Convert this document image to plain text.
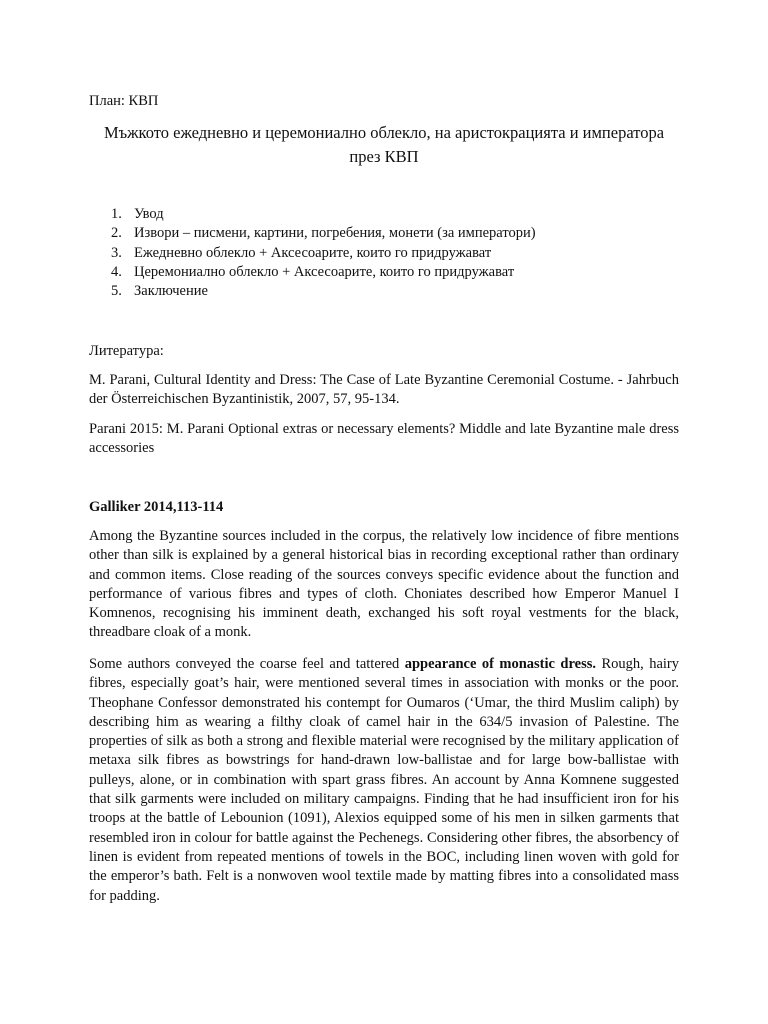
План: КВП
Мъжкото ежедневно и церемониално облекло, на аристокрацията и императора през КВП
1. Увод
2. Извори – писмени, картини, погребения, монети (за императори)
3. Ежедневно облекло + Аксесоарите, които го придружават
4. Церемониално облекло + Аксесоарите, които го придружават
5. Заключение
Литература:

M. Parani, Cultural Identity and Dress: The Case of Late Byzantine Ceremonial Costume. - Jahrbuch der Österreichischen Byzantinistik, 2007, 57, 95-134.

Parani 2015: M. Parani Optional extras or necessary elements? Middle and late Byzantine male dress accessories

Galliker 2014,113-114

Among the Byzantine sources included in the corpus, the relatively low incidence of fibre mentions other than silk is explained by a general historical bias in recording exceptional rather than ordinary and common items. Close reading of the sources conveys specific evidence about the function and performance of various fibres and types of cloth. Choniates described how Emperor Manuel I Komnenos, recognising his imminent death, exchanged his soft royal vestments for the black, threadbare cloak of a monk.

Some authors conveyed the coarse feel and tattered appearance of monastic dress. Rough, hairy fibres, especially goat’s hair, were mentioned several times in association with monks or the poor. Theophane Confessor demonstrated his contempt for Oumaros (‘Umar, the third Muslim caliph) by describing him as wearing a filthy cloak of camel hair in the 634/5 invasion of Palestine. The properties of silk as both a strong and flexible material were recognised by the military application of metaxa silk fibres as bowstrings for hand-drawn low-ballistae and for large bow-ballistae with pulleys, alone, or in combination with spart grass fibres. An account by Anna Komnene suggested that silk garments were included on military campaigns. Finding that he had insufficient iron for his troops at the battle of Lebounion (1091), Alexios equipped some of his men in silken garments that resembled iron in colour for battle against the Pechenegs. Considering other fibres, the absorbency of linen is evident from repeated mentions of towels in the BOC, including linen woven with gold for the emperor’s bath. Felt is a nonwoven wool textile made by matting fibres into a consolidated mass for padding.
